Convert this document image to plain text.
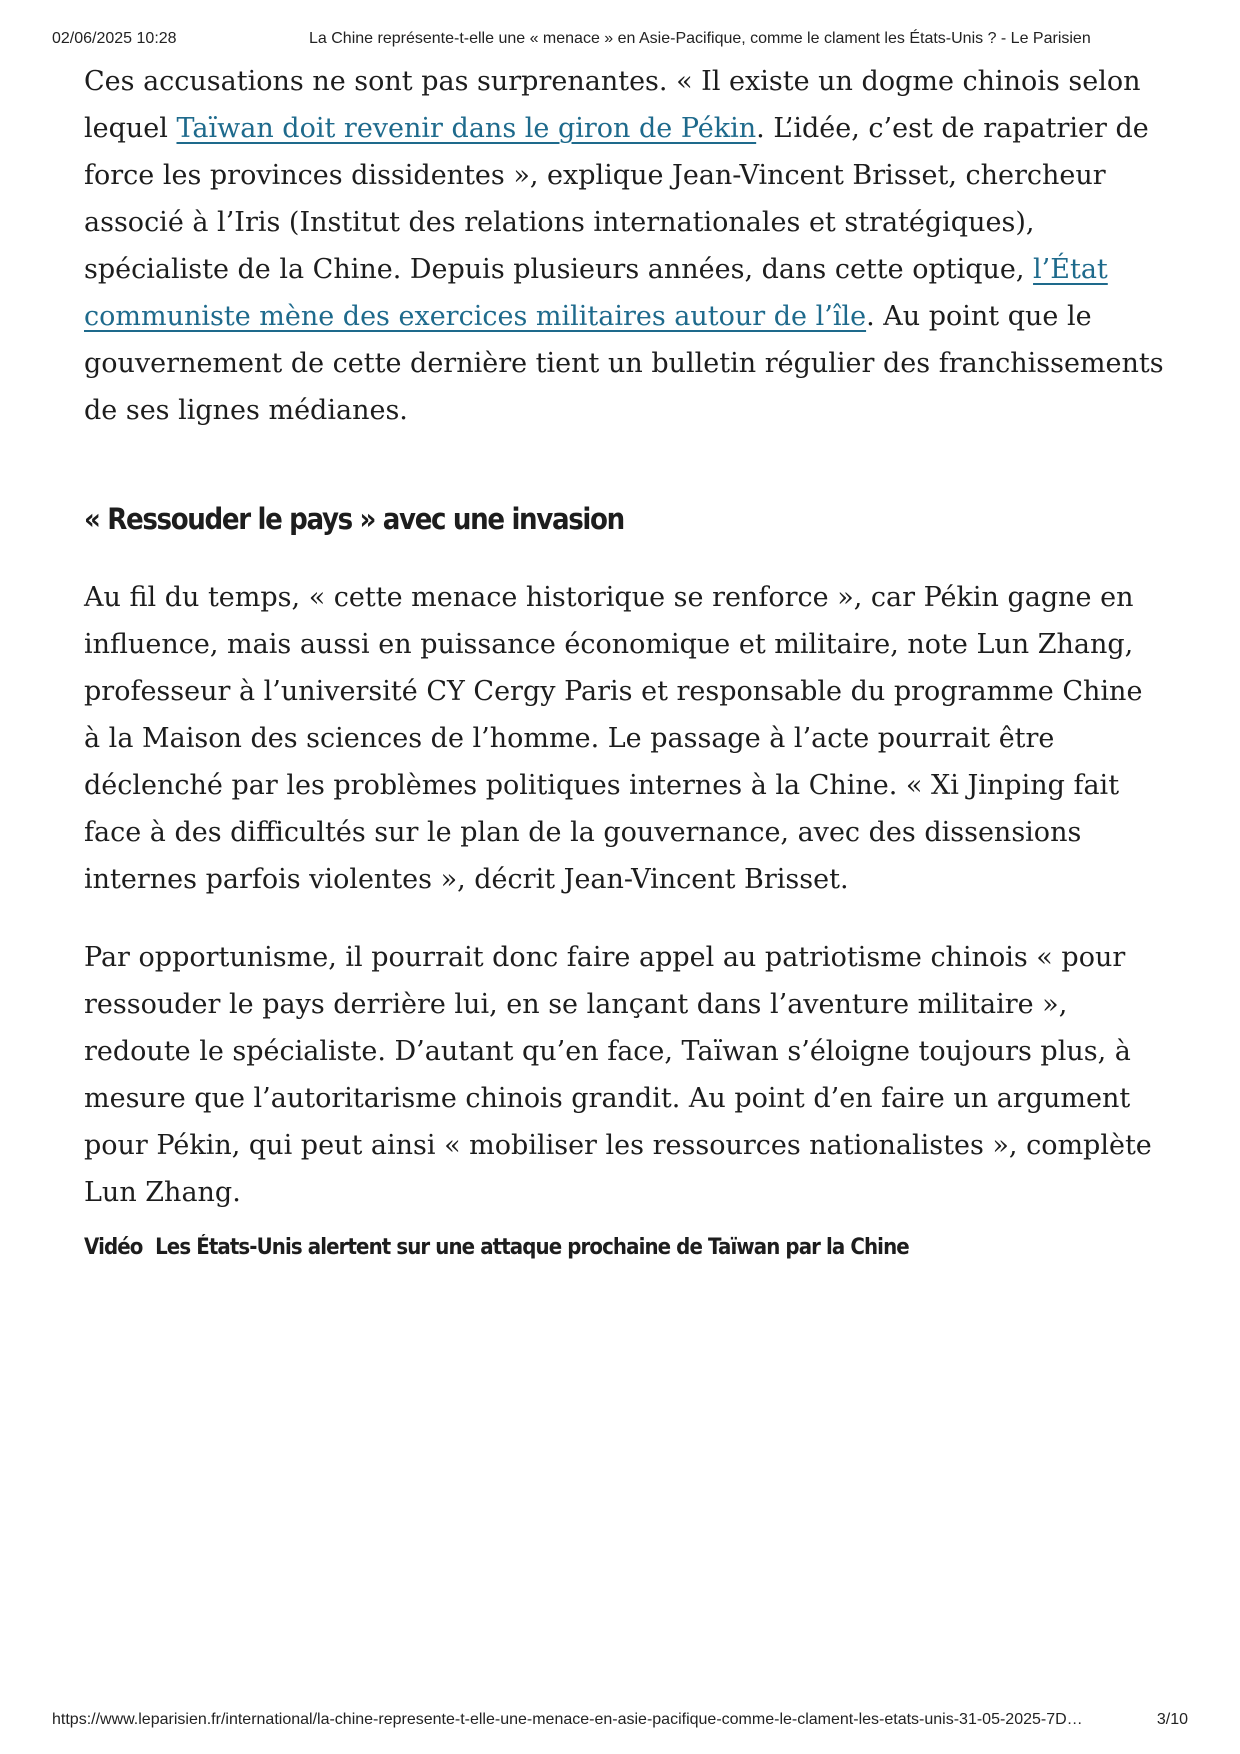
02/06/2025 10:28	La Chine représente-t-elle une « menace » en Asie-Pacifique, comme le clament les États-Unis ? - Le Parisien

Ces accusations ne sont pas surprenantes. « Il existe un dogme chinois selon lequel Taïwan doit revenir dans le giron de Pékin. L’idée, c’est de rapatrier de force les provinces dissidentes », explique Jean-Vincent Brisset, chercheur associé à l’Iris (Institut des relations internationales et stratégiques), spécialiste de la Chine. Depuis plusieurs années, dans cette optique, l’État communiste mène des exercices militaires autour de l’île. Au point que le gouvernement de cette dernière tient un bulletin régulier des franchissements de ses lignes médianes.

« Ressouder le pays » avec une invasion

Au fil du temps, « cette menace historique se renforce », car Pékin gagne en influence, mais aussi en puissance économique et militaire, note Lun Zhang, professeur à l’université CY Cergy Paris et responsable du programme Chine à la Maison des sciences de l’homme. Le passage à l’acte pourrait être déclenché par les problèmes politiques internes à la Chine. « Xi Jinping fait face à des difficultés sur le plan de la gouvernance, avec des dissensions internes parfois violentes », décrit Jean-Vincent Brisset.

Par opportunisme, il pourrait donc faire appel au patriotisme chinois « pour ressouder le pays derrière lui, en se lançant dans l’aventure militaire », redoute le spécialiste. D’autant qu’en face, Taïwan s’éloigne toujours plus, à mesure que l’autoritarisme chinois grandit. Au point d’en faire un argument pour Pékin, qui peut ainsi « mobiliser les ressources nationalistes », complète Lun Zhang.

Vidéo Les États-Unis alertent sur une attaque prochaine de Taïwan par la Chine
https://www.leparisien.fr/international/la-chine-represente-t-elle-une-menace-en-asie-pacifique-comme-le-clament-les-etats-unis-31-05-2025-7D…	3/10
